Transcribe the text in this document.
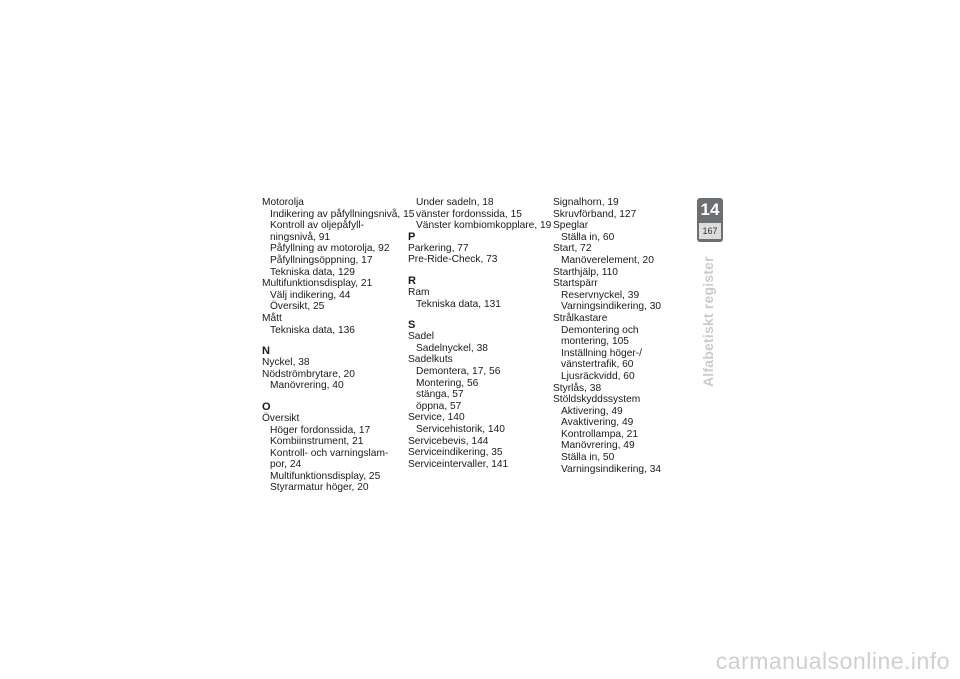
Motorolja
Indikering av påfyllningsnivå, 15
Kontroll av oljepåfyll-
ningsnivå, 91
Påfyllning av motorolja, 92
Påfyllningsöppning, 17
Tekniska data, 129
Multifunktionsdisplay, 21
Välj indikering, 44
Översikt, 25
Mått
Tekniska data, 136
N
Nyckel, 38
Nödströmbrytare, 20
Manövrering, 40
O
Översikt
Höger fordonssida, 17
Kombiinstrument, 21
Kontroll- och varningslam-
por, 24
Multifunktionsdisplay, 25
Styrarmatur höger, 20
Under sadeln, 18
vänster fordonssida, 15
Vänster kombiomkopplare, 19
P
Parkering, 77
Pre-Ride-Check, 73
R
Ram
Tekniska data, 131
S
Sadel
Sadelnyckel, 38
Sadelkuts
Demontera, 17, 56
Montering, 56
stänga, 57
öppna, 57
Service, 140
Servicehistorik, 140
Servicebevis, 144
Serviceindikering, 35
Serviceintervaller, 141
Signalhorn, 19
Skruvförband, 127
Speglar
Ställa in, 60
Start, 72
Manöverelement, 20
Starthjälp, 110
Startspärr
Reservnyckel, 39
Varningsindikering, 30
Strålkastare
Demontering och
montering, 105
Inställning höger-/
vänstertrafik, 60
Ljusräckvidd, 60
Styrlås, 38
Stöldskyddssystem
Aktivering, 49
Avaktivering, 49
Kontrollampa, 21
Manövrering, 49
Ställa in, 50
Varningsindikering, 34
14
167
Alfabetiskt register
carmanualsonline.info
